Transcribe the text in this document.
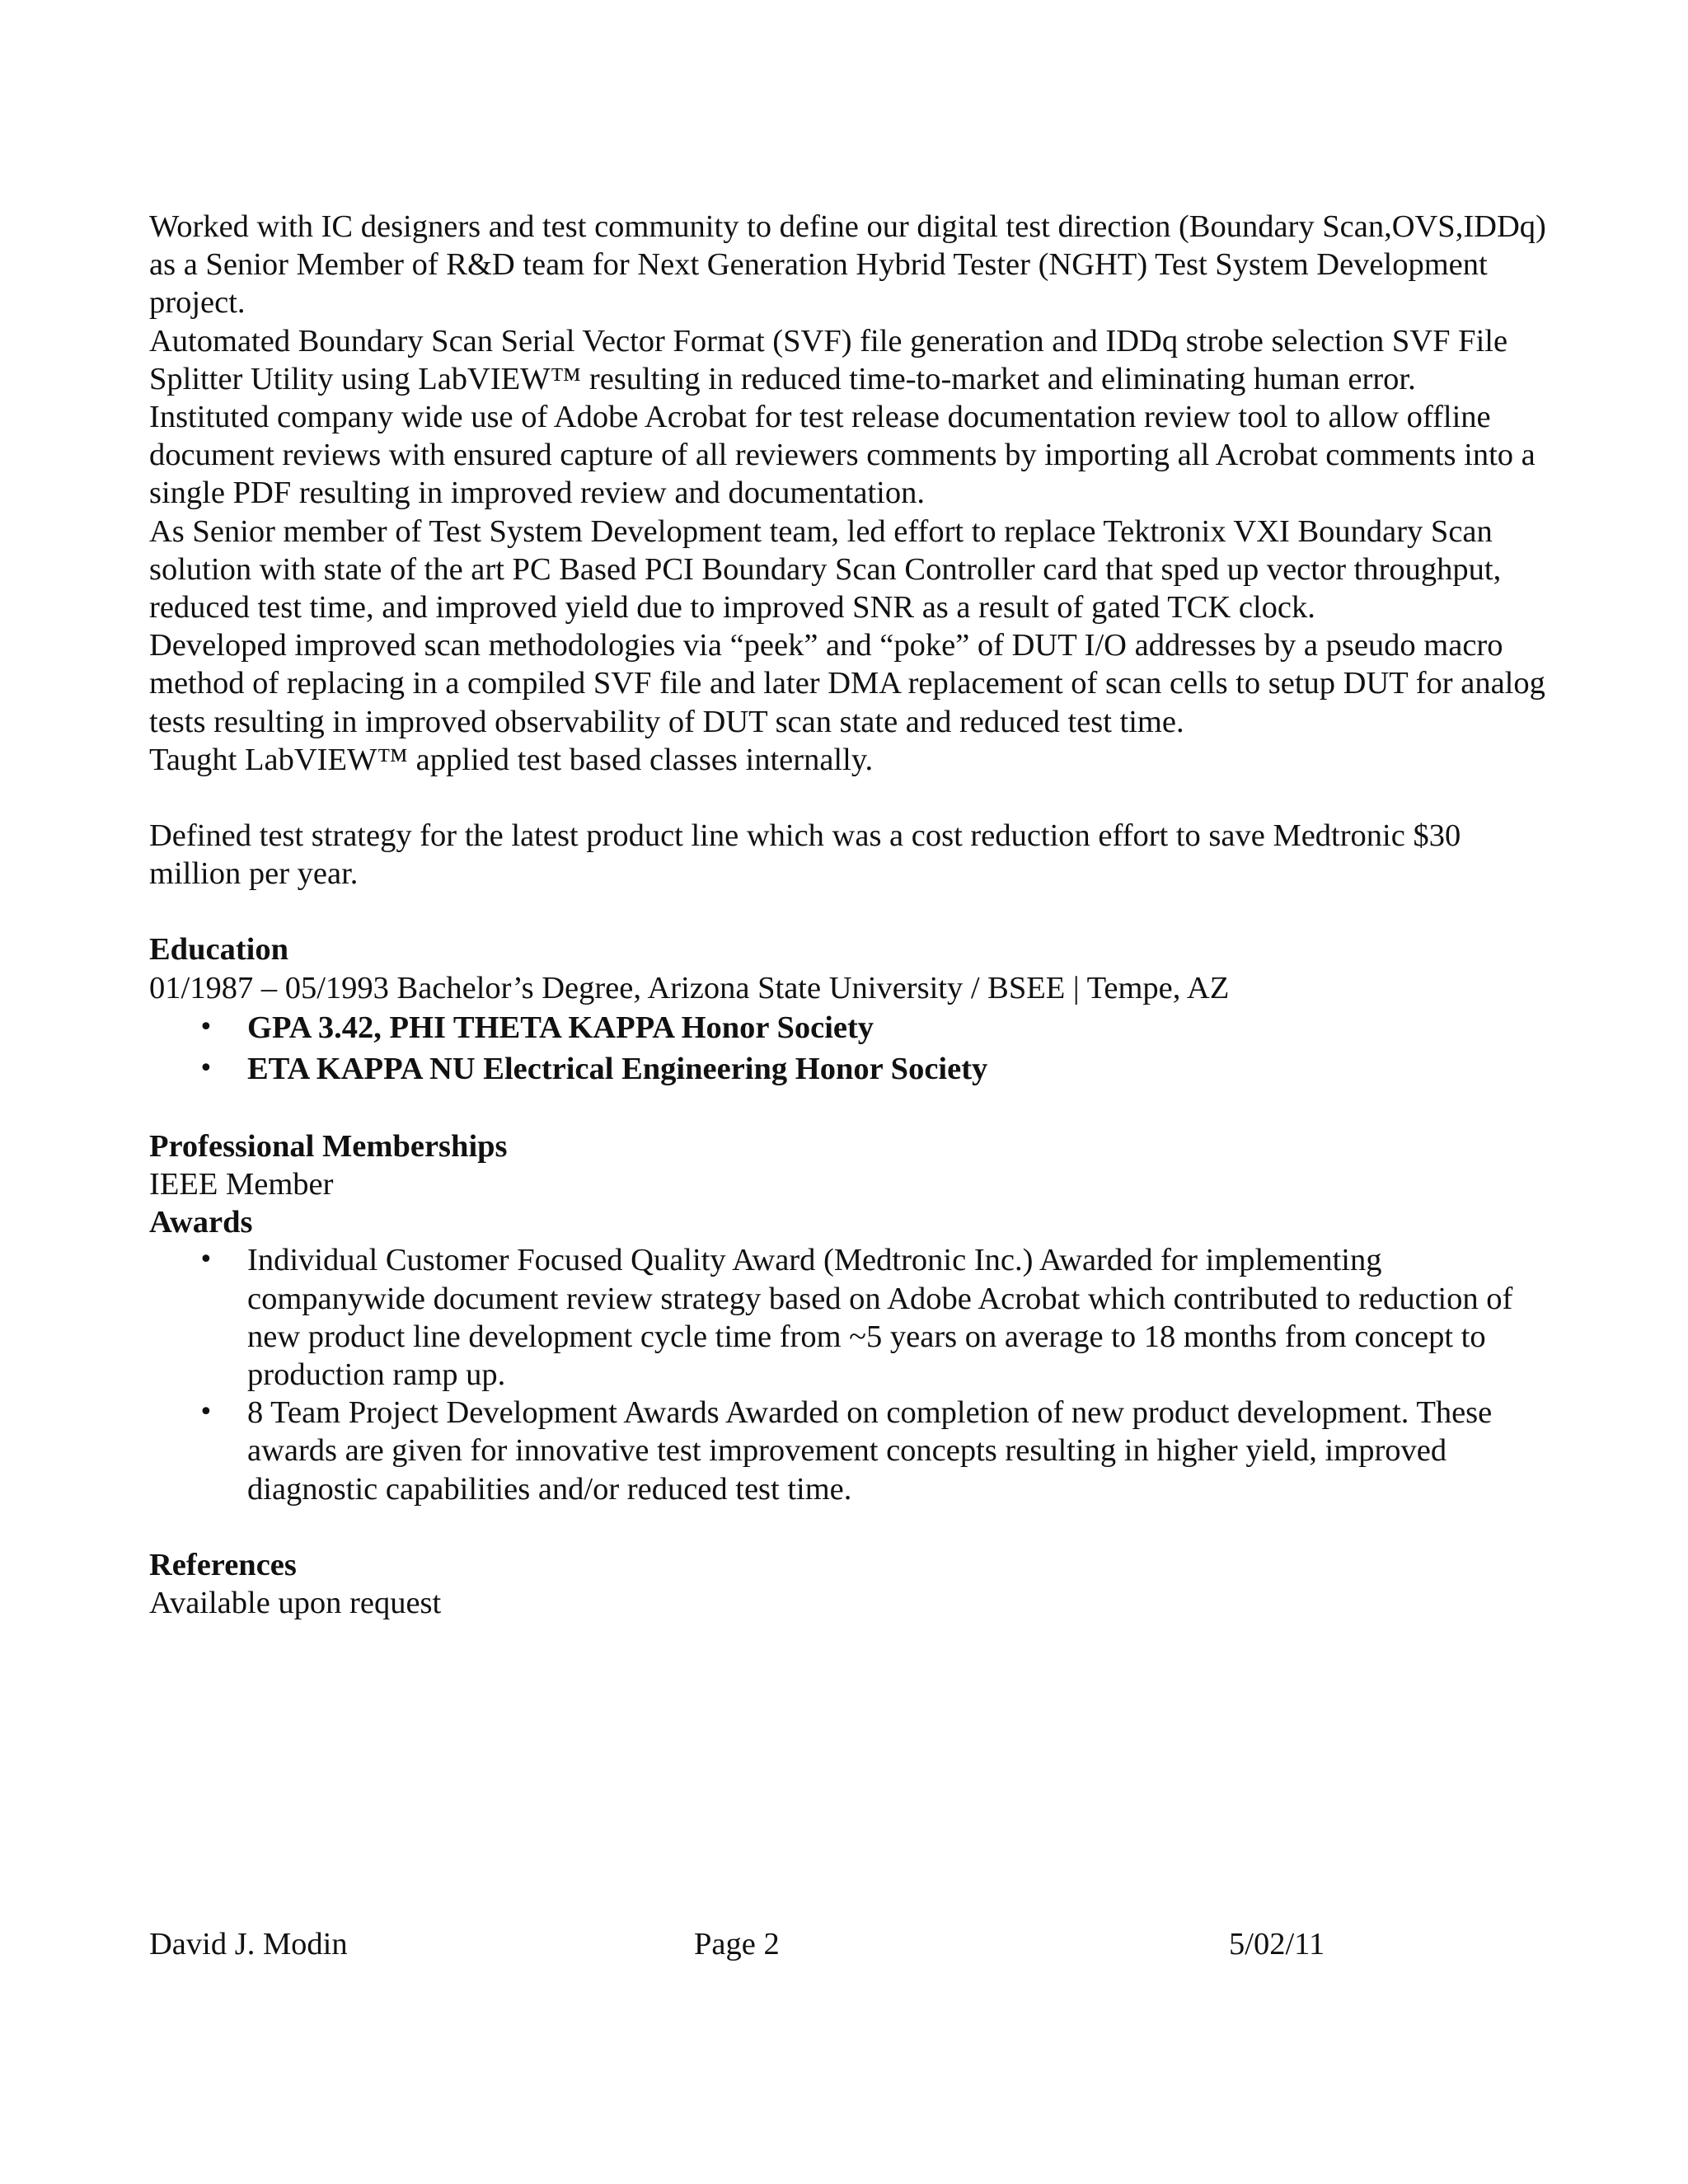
Worked with IC designers and test community to define our digital test direction (Boundary Scan,OVS,IDDq) as a Senior Member of R&D team for Next Generation Hybrid Tester (NGHT) Test System Development project.

Automated Boundary Scan Serial Vector Format (SVF) file generation and IDDq strobe selection SVF File Splitter Utility using LabVIEW™ resulting in reduced time-to-market and eliminating human error.

Instituted company wide use of Adobe Acrobat for test release documentation review tool to allow offline document reviews with ensured capture of all reviewers comments by importing all Acrobat comments into a single PDF resulting in improved review and documentation.

As Senior member of Test System Development team, led effort to replace Tektronix VXI Boundary Scan solution with state of the art PC Based PCI Boundary Scan Controller card that sped up vector throughput, reduced test time, and improved yield due to improved SNR as a result of gated TCK clock.

Developed improved scan methodologies via “peek” and “poke” of DUT I/O addresses by a pseudo macro method of replacing in a compiled SVF file and later DMA replacement of scan cells to setup DUT for analog tests resulting in improved observability of DUT scan state and reduced test time.

Taught LabVIEW™ applied test based classes internally.

Defined test strategy for the latest product line which was a cost reduction effort to save Medtronic $30 million per year.

Education

01/1987 – 05/1993 Bachelor’s Degree, Arizona State University / BSEE | Tempe, AZ

• GPA 3.42, PHI THETA KAPPA Honor Society
• ETA KAPPA NU Electrical Engineering Honor Society

Professional Memberships

IEEE Member

Awards

• Individual Customer Focused Quality Award (Medtronic Inc.) Awarded for implementing companywide document review strategy based on Adobe Acrobat which contributed to reduction of new product line development cycle time from ~5 years on average to 18 months from concept to production ramp up.
• 8 Team Project Development Awards Awarded on completion of new product development. These awards are given for innovative test improvement concepts resulting in higher yield, improved diagnostic capabilities and/or reduced test time.

References

Available upon request

David J. Modin	Page 2	5/02/11
